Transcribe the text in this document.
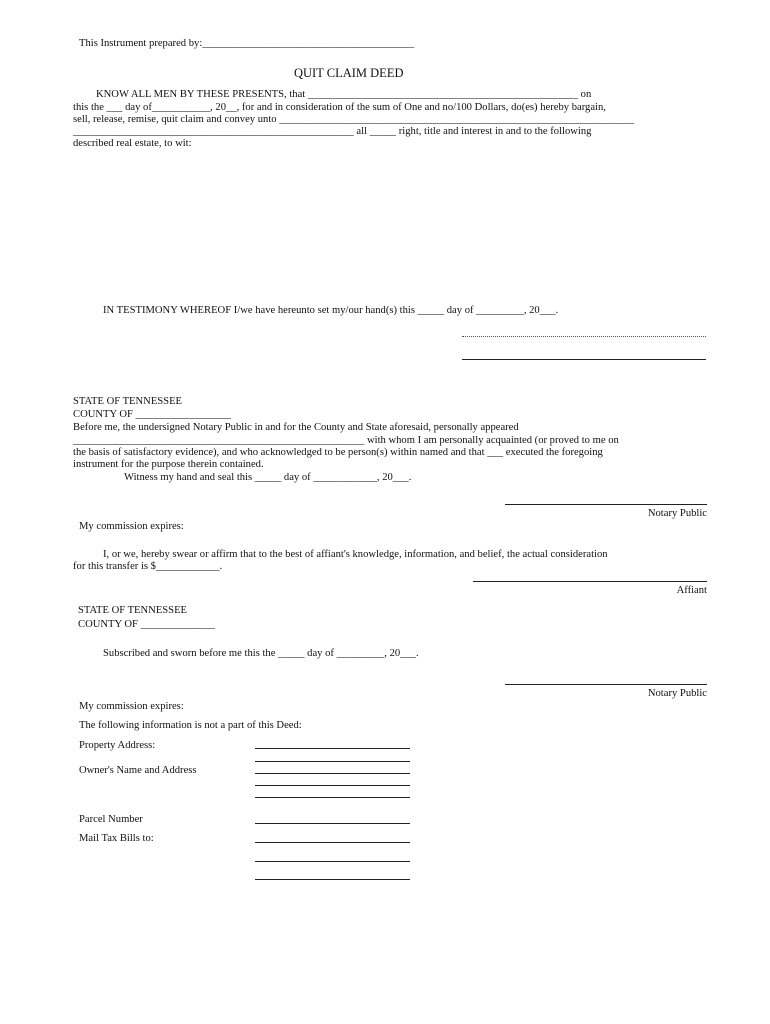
This Instrument prepared by:________________________________________
QUIT CLAIM DEED
KNOW ALL MEN BY THESE PRESENTS, that ___________________________________________________ on
this the ___ day of___________, 20__, for and in consideration of the sum of One and no/100 Dollars, do(es) hereby bargain,
sell, release, remise, quit claim and convey unto ___________________________________________________________________
_____________________________________________________ all _____ right, title and interest in and to the following
described real estate, to wit:
IN TESTIMONY WHEREOF I/we have hereunto set my/our hand(s) this _____ day of _________, 20___.
STATE OF TENNESSEE
COUNTY OF __________________
Before me, the undersigned Notary Public in and for the County and State aforesaid, personally appeared
_______________________________________________________ with whom I am personally acquainted (or proved to me on
the basis of satisfactory evidence), and who acknowledged to be person(s) within named and that ___ executed the foregoing
instrument for the purpose therein contained.
Witness my hand and seal this _____ day of ____________, 20___.
Notary Public
My commission expires:
I, or we, hereby swear or affirm that to the best of affiant's knowledge, information, and belief, the actual consideration
for this transfer is $____________.
Affiant
STATE OF TENNESSEE
COUNTY OF ______________
Subscribed and sworn before me this the _____ day of _________, 20___.
Notary Public
My commission expires:
The following information is not a part of this Deed:
Property Address:
Owner's Name and Address
Parcel Number
Mail Tax Bills to:
